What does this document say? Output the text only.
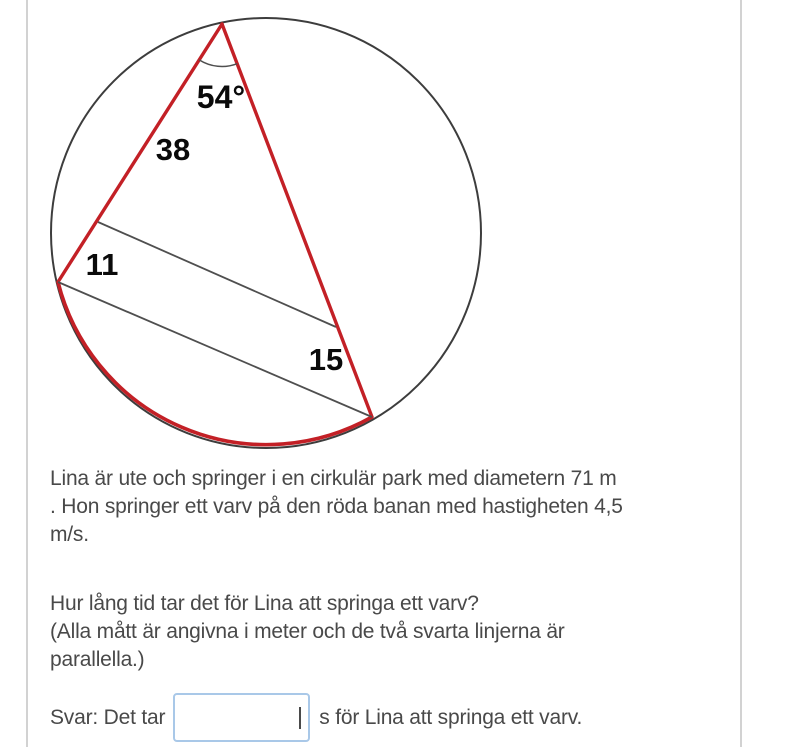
54°
38
11
15
Lina är ute och springer i en cirkulär park med diametern 71 m
. Hon springer ett varv på den röda banan med hastigheten 4,5
m/s.
Hur lång tid tar det för Lina att springa ett varv?
(Alla mått är angivna i meter och de två svarta linjerna är
parallella.)
Svar: Det tar	s för Lina att springa ett varv.
